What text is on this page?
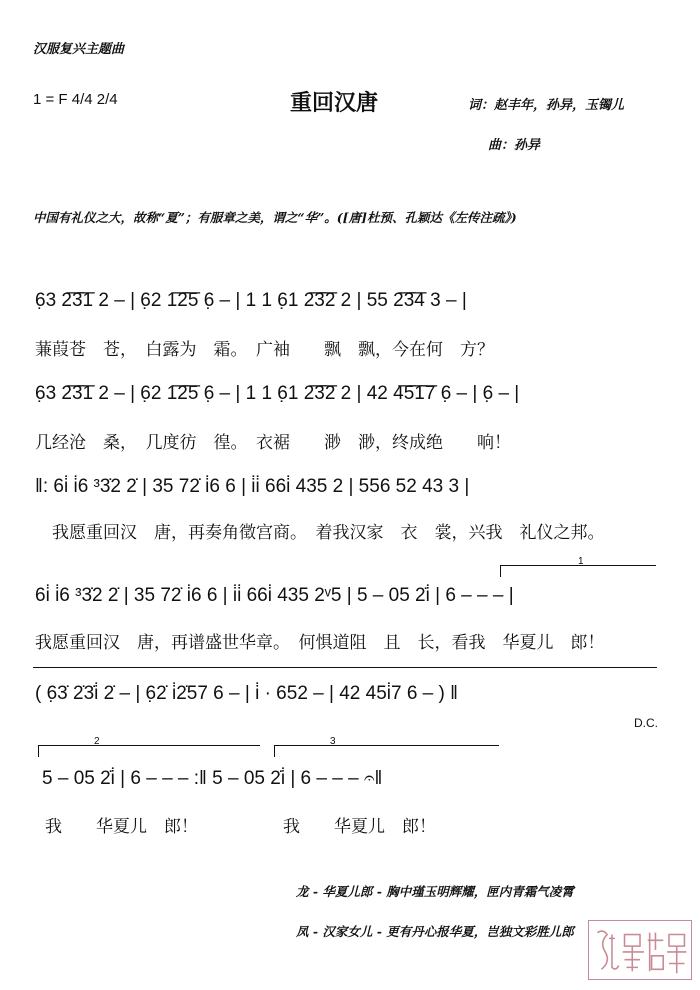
汉服复兴主题曲
1 = F 4/4 2/4	重回汉唐	词：赵丰年，孙异，玉镯儿
曲：孙异
中国有礼仪之大，故称“夏”；有服章之美，谓之“华”。([唐]杜预、孔颖达《左传注疏》)
6̣3 2͞3͞1 2 – | 6̣2 1͞2͞5 6̣ – | 1 1 6̣1 2͞3͞2 2 | 55 2͞3͞4 3 – |
蒹葭苍　苍，　白露为　霜。　广袖　　飘　飘，今在何　方？
6̣3 2͞3͞1 2 – | 6̣2 1͞2͞5 6̣ – | 1 1 6̣1 2͞3͞2 2 | 42 4͞5͞1͞7 6̣ – | 6̣ – |
几经沧　桑，　几度彷　徨。　衣裾　　渺　渺，终成绝　　响！
‖: 6i̇ i̇6 ³3̇2 2̇ | 35 72̇ i̇6 6 | i̇i̇ 66i̇ 435 2 | 556 52 43 3 |
我愿重回汉　唐，再奏角徵宫商。　着我汉家　衣　裳，兴我　礼仪之邦。
1
6i̇ i̇6 ³3̇2 2̇ | 35 72̇ i̇6 6 | i̇i̇ 66i̇ 435 2ᵛ5 | 5 – 05 2̇i̇ | 6 – – – |
我愿重回汉　唐，再谱盛世华章。　何惧道阻　且　长，看我　华夏儿　郎！
( 6̣3̇ 2̇3̇i̇ 2̇ – | 6̣2̇ i̇2̇57 6 – | i̇ · 652 – | 42 45i̇7 6 – ) ‖
D.C.
2	3
5 – 05 2̇i̇ | 6 – – – :‖ 5 – 05 2̇i̇ | 6 – – – 𝄐‖
我　　华夏儿　郎！　　　　　我　　华夏儿　郎！
龙 - 华夏儿郎 - 胸中瑾玉明辉耀，匣内青霜气凌霄
凤 - 汉家女儿 - 更有丹心报华夏，岂独文彩胜儿郎
